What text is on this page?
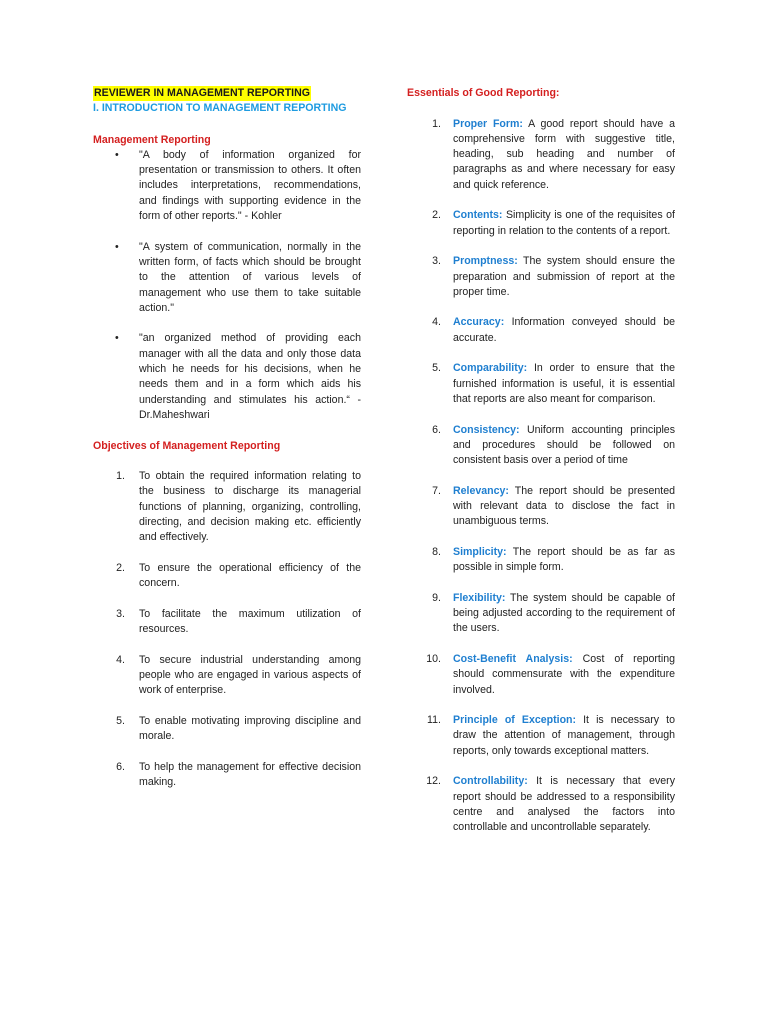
REVIEWER IN MANAGEMENT REPORTING
I. INTRODUCTION TO MANAGEMENT REPORTING
Management Reporting
• "A body of information organized for presentation or transmission to others. It often includes interpretations, recommendations, and findings with supporting evidence in the form of other reports." - Kohler

• "A system of communication, normally in the written form, of facts which should be brought to the attention of various levels of management who use them to take suitable action."

• "an organized method of providing each manager with all the data and only those data which he needs for his decisions, when he needs them and in a form which aids his understanding and stimulates his action.“ - Dr.Maheshwari

Objectives of Management Reporting
1. To obtain the required information relating to the business to discharge its managerial functions of planning, organizing, controlling, directing, and decision making etc. efficiently and effectively.

2. To ensure the operational efficiency of the concern.

3. To facilitate the maximum utilization of resources.

4. To secure industrial understanding among people who are engaged in various aspects of work of enterprise.

5. To enable motivating improving discipline and morale.

6. To help the management for effective decision making.

Essentials of Good Reporting:
1. Proper Form: A good report should have a comprehensive form with suggestive title, heading, sub heading and number of paragraphs as and where necessary for easy and quick reference.

2. Contents: Simplicity is one of the requisites of reporting in relation to the contents of a report.

3. Promptness: The system should ensure the preparation and submission of report at the proper time.

4. Accuracy: Information conveyed should be accurate.

5. Comparability: In order to ensure that the furnished information is useful, it is essential that reports are also meant for comparison.

6. Consistency: Uniform accounting principles and procedures should be followed on consistent basis over a period of time

7. Relevancy: The report should be presented with relevant data to disclose the fact in unambiguous terms.

8. Simplicity: The report should be as far as possible in simple form.

9. Flexibility: The system should be capable of being adjusted according to the requirement of the users.

10. Cost-Benefit Analysis: Cost of reporting should commensurate with the expenditure involved.

11. Principle of Exception: It is necessary to draw the attention of management, through reports, only towards exceptional matters.

12. Controllability: It is necessary that every report should be addressed to a responsibility centre and analysed the factors into controllable and uncontrollable separately.
